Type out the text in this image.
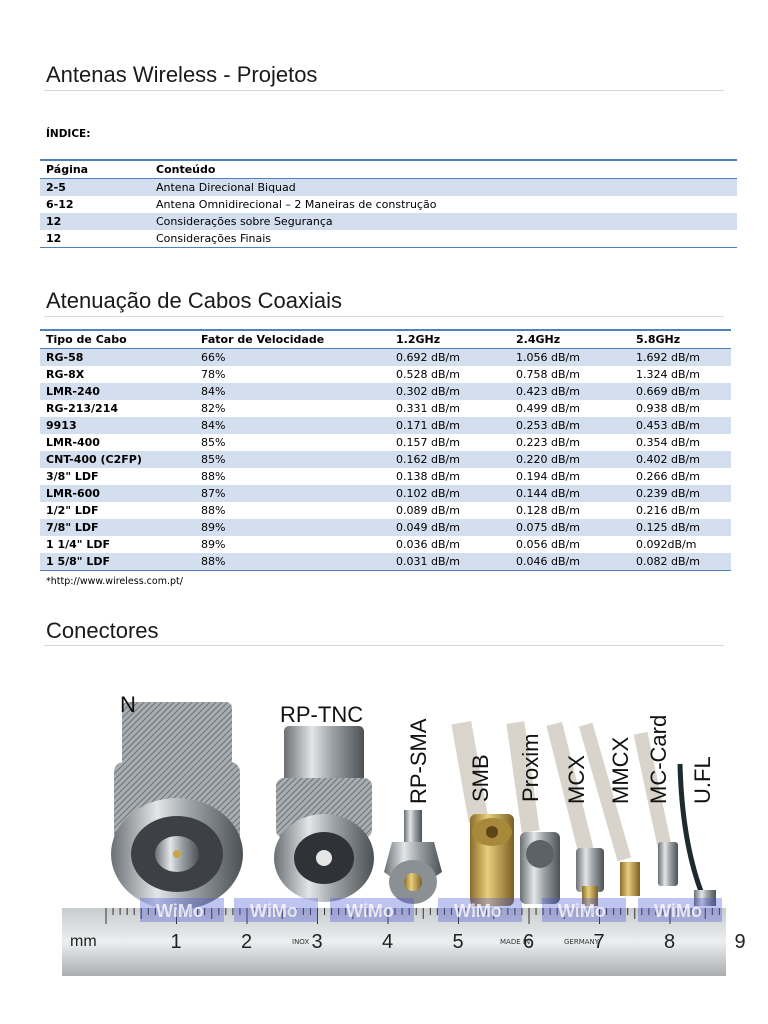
Antenas Wireless - Projetos
ÍNDICE:
Página	Conteúdo
2-5	Antena Direcional Biquad
6-12	Antena Omnidirecional – 2 Maneiras de construção
12	Considerações sobre Segurança
12	Considerações Finais
Atenuação de Cabos Coaxiais
Tipo de Cabo	Fator de Velocidade	1.2GHz	2.4GHz	5.8GHz
RG-58	66%	0.692 dB/m	1.056 dB/m	1.692 dB/m
RG-8X	78%	0.528 dB/m	0.758 dB/m	1.324 dB/m
LMR-240	84%	0.302 dB/m	0.423 dB/m	0.669 dB/m
RG-213/214	82%	0.331 dB/m	0.499 dB/m	0.938 dB/m
9913	84%	0.171 dB/m	0.253 dB/m	0.453 dB/m
LMR-400	85%	0.157 dB/m	0.223 dB/m	0.354 dB/m
CNT-400 (C2FP)	85%	0.162 dB/m	0.220 dB/m	0.402 dB/m
3/8" LDF	88%	0.138 dB/m	0.194 dB/m	0.266 dB/m
LMR-600	87%	0.102 dB/m	0.144 dB/m	0.239 dB/m
1/2" LDF	88%	0.089 dB/m	0.128 dB/m	0.216 dB/m
7/8" LDF	89%	0.049 dB/m	0.075 dB/m	0.125 dB/m
1 1/4" LDF	89%	0.036 dB/m	0.056 dB/m	0.092dB/m
1 5/8" LDF	88%	0.031 dB/m	0.046 dB/m	0.082 dB/m
*http://www.wireless.com.pt/
Conectores
mm	1	2	3	4	5	6	7	8	9
INOX	MADE IN	GERMANY
WiMo	WiMo	WiMo	WiMo	WiMo	WiMo
N	RP-TNC
RP-SMA SMB Proxim MCX MMCX MC-Card U.FL
